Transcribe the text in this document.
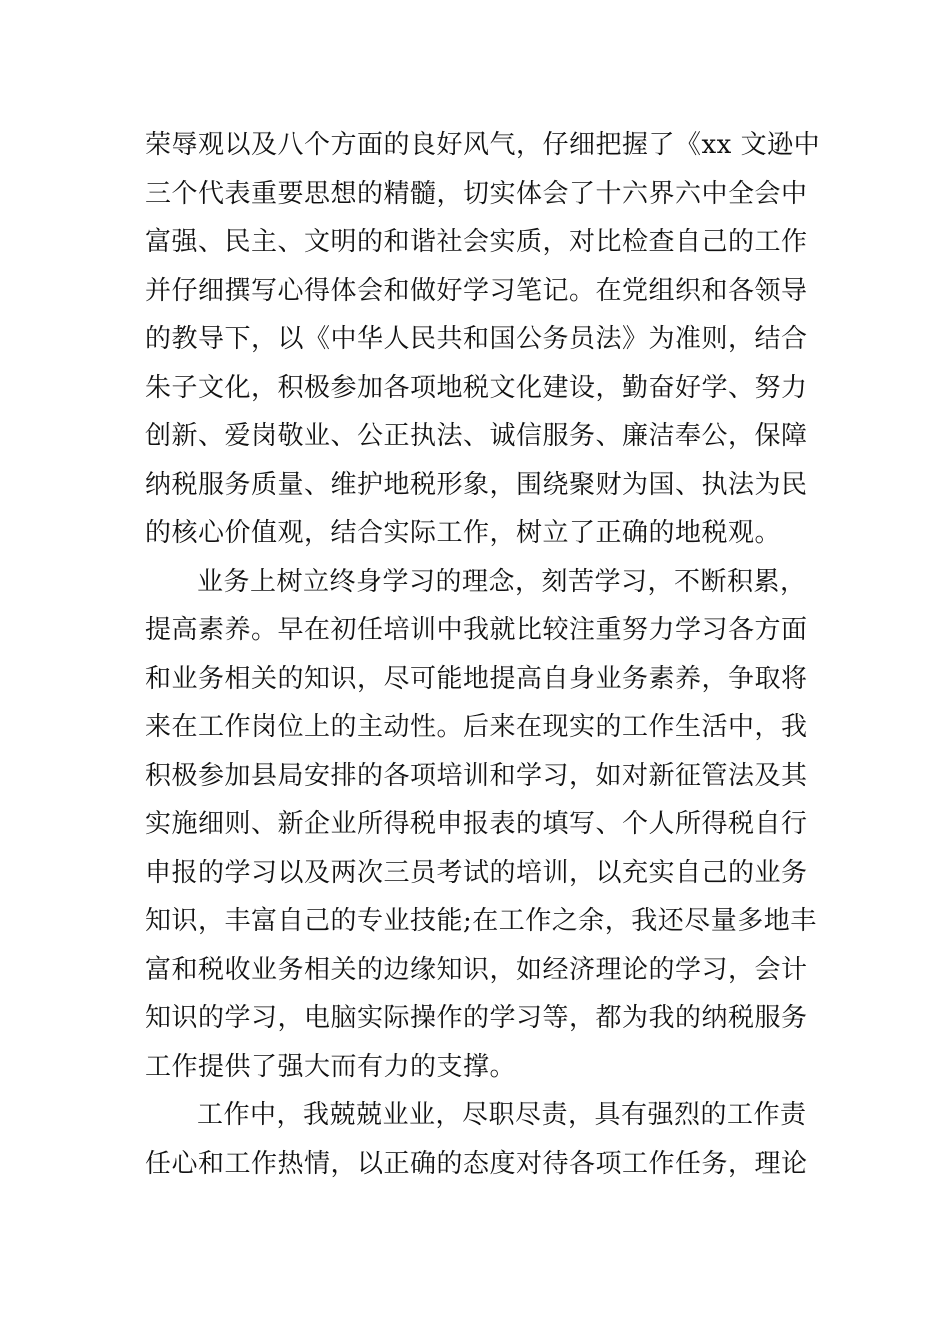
荣辱观以及八个方面的良好风气，仔细把握了《xx 文逊中
三个代表重要思想的精髓，切实体会了十六界六中全会中
富强、民主、文明的和谐社会实质，对比检查自己的工作
并仔细撰写心得体会和做好学习笔记。在党组织和各领导
的教导下，以《中华人民共和国公务员法》为准则，结合
朱子文化，积极参加各项地税文化建设，勤奋好学、努力
创新、爱岗敬业、公正执法、诚信服务、廉洁奉公，保障
纳税服务质量、维护地税形象，围绕聚财为国、执法为民
的核心价值观，结合实际工作，树立了正确的地税观。
业务上树立终身学习的理念，刻苦学习，不断积累，
提高素养。早在初任培训中我就比较注重努力学习各方面
和业务相关的知识，尽可能地提高自身业务素养，争取将
来在工作岗位上的主动性。后来在现实的工作生活中，我
积极参加县局安排的各项培训和学习，如对新征管法及其
实施细则、新企业所得税申报表的填写、个人所得税自行
申报的学习以及两次三员考试的培训，以充实自己的业务
知识，丰富自己的专业技能;在工作之余，我还尽量多地丰
富和税收业务相关的边缘知识，如经济理论的学习，会计
知识的学习，电脑实际操作的学习等，都为我的纳税服务
工作提供了强大而有力的支撑。
工作中，我兢兢业业，尽职尽责，具有强烈的工作责
任心和工作热情，以正确的态度对待各项工作任务，理论
